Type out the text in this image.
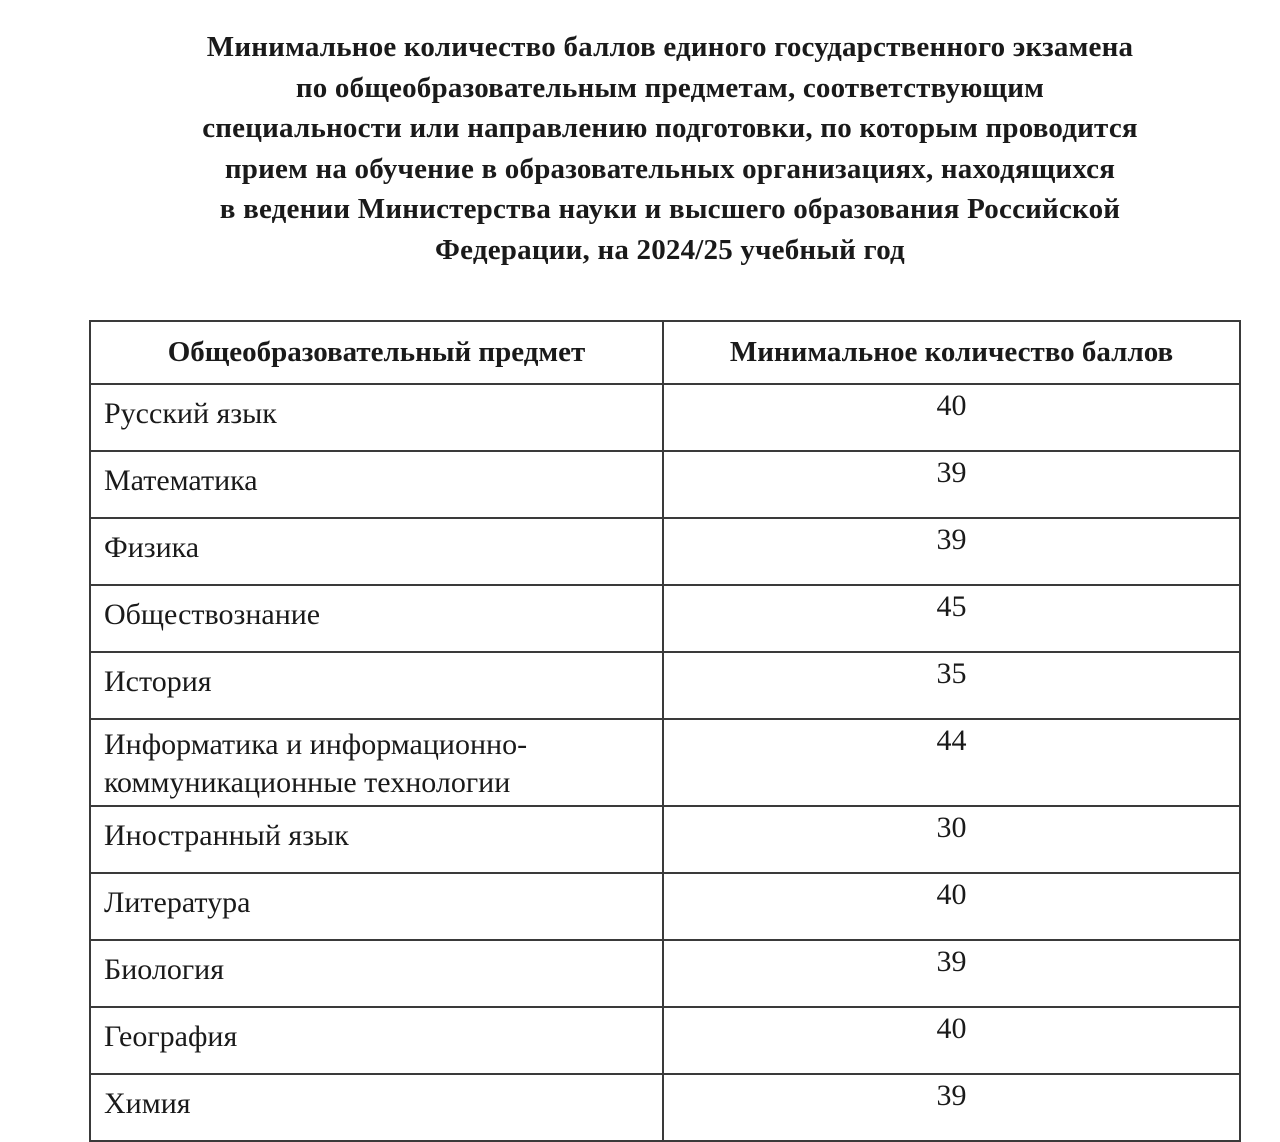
Минимальное количество баллов единого государственного экзамена
по общеобразовательным предметам, соответствующим
специальности или направлению подготовки, по которым проводится
прием на обучение в образовательных организациях, находящихся
в ведении Министерства науки и высшего образования Российской
Федерации, на 2024/25 учебный год
Общеобразовательный предмет	Минимальное количество баллов
Русский язык	40
Математика	39
Физика	39
Обществознание	45
История	35
Информатика и информационно-коммуникационные технологии	44
Иностранный язык	30
Литература	40
Биология	39
География	40
Химия	39
